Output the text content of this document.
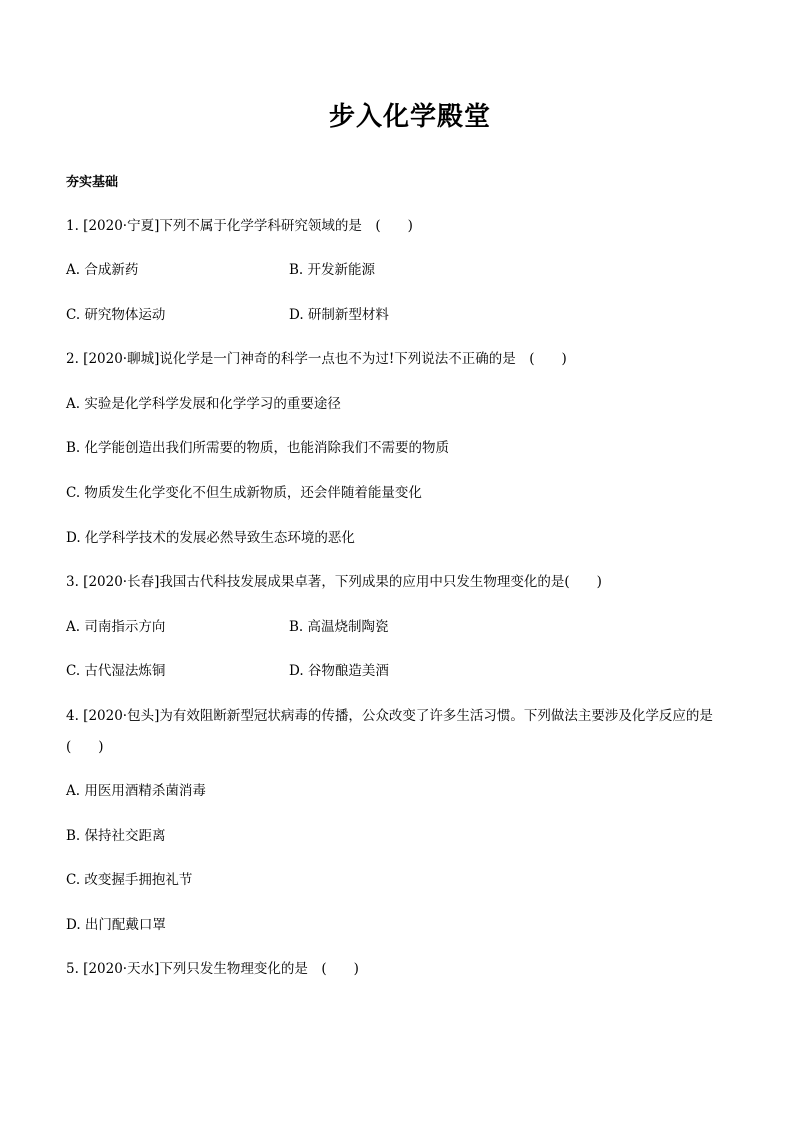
步入化学殿堂
夯实基础
1. [2020·宁夏]下列不属于化学学科研究领域的是　(　　)
A. 合成新药	B. 开发新能源
C. 研究物体运动	D. 研制新型材料
2. [2020·聊城]说化学是一门神奇的科学一点也不为过!下列说法不正确的是　(　　)
A. 实验是化学科学发展和化学学习的重要途径
B. 化学能创造出我们所需要的物质，也能消除我们不需要的物质
C. 物质发生化学变化不但生成新物质，还会伴随着能量变化
D. 化学科学技术的发展必然导致生态环境的恶化
3. [2020·长春]我国古代科技发展成果卓著，下列成果的应用中只发生物理变化的是(　　)
A. 司南指示方向	B. 高温烧制陶瓷
C. 古代湿法炼铜	D. 谷物酿造美酒
4. [2020·包头]为有效阻断新型冠状病毒的传播，公众改变了许多生活习惯。下列做法主要涉及化学反应的是
(　　)
A. 用医用酒精杀菌消毒
B. 保持社交距离
C. 改变握手拥抱礼节
D. 出门配戴口罩
5. [2020·天水]下列只发生物理变化的是　(　　)
